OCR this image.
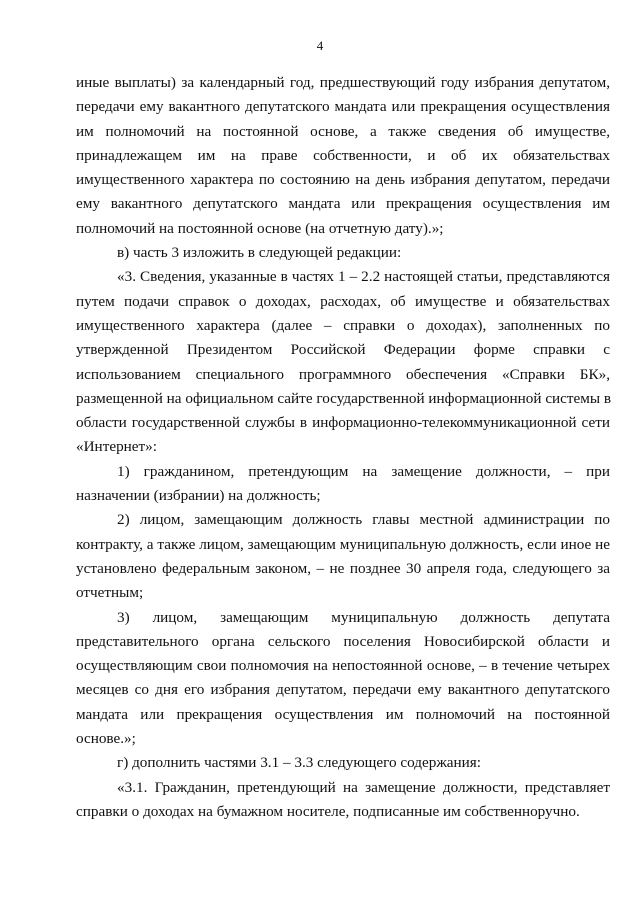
4
иные выплаты) за календарный год, предшествующий году избрания депутатом,
передачи ему вакантного депутатского мандата или прекращения осуществления
им полномочий на постоянной основе, а также сведения об имуществе,
принадлежащем им на праве собственности, и об их обязательствах
имущественного характера по состоянию на день избрания депутатом, передачи
ему вакантного депутатского мандата или прекращения осуществления им
полномочий на постоянной основе (на отчетную дату).»;
в) часть 3 изложить в следующей редакции:
«3. Сведения, указанные в частях 1 – 2.2 настоящей статьи, представляются
путем подачи справок о доходах, расходах, об имуществе и обязательствах
имущественного характера (далее – справки о доходах), заполненных по
утвержденной Президентом Российской Федерации форме справки с
использованием специального программного обеспечения «Справки БК»,
размещенной на официальном сайте государственной информационной системы в
области государственной службы в информационно-телекоммуникационной сети
«Интернет»:
1) гражданином, претендующим на замещение должности, – при
назначении (избрании) на должность;
2) лицом, замещающим должность главы местной администрации по
контракту, а также лицом, замещающим муниципальную должность, если иное не
установлено федеральным законом, – не позднее 30 апреля года, следующего за
отчетным;
3) лицом, замещающим муниципальную должность депутата
представительного органа сельского поселения Новосибирской области и
осуществляющим свои полномочия на непостоянной основе, – в течение четырех
месяцев со дня его избрания депутатом, передачи ему вакантного депутатского
мандата или прекращения осуществления им полномочий на постоянной
основе.»;
г) дополнить частями 3.1 – 3.3 следующего содержания:
«3.1. Гражданин, претендующий на замещение должности, представляет
справки о доходах на бумажном носителе, подписанные им собственноручно.
